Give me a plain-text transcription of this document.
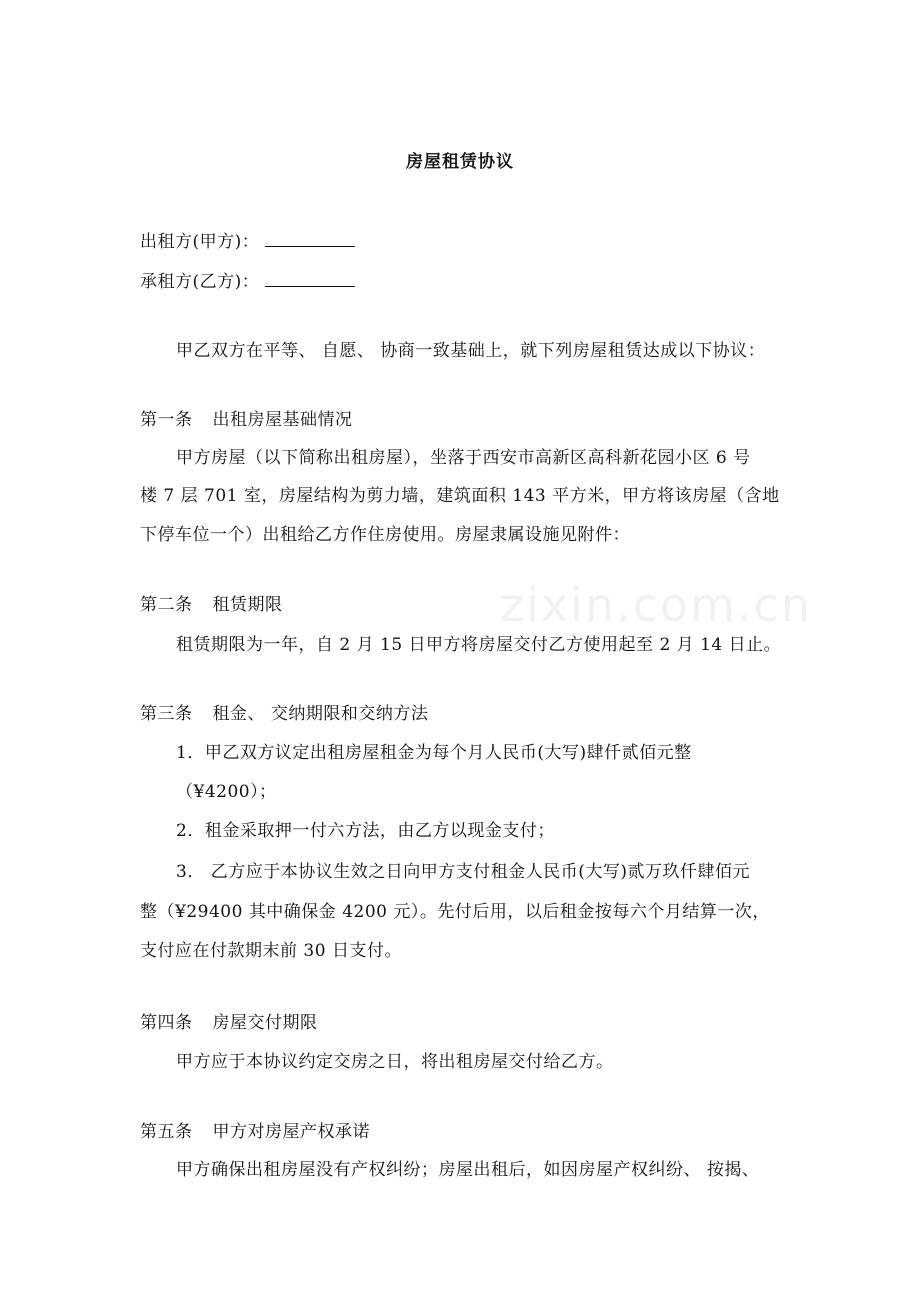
房屋租赁协议
出租方(甲方)：
承租方(乙方)：
甲乙双方在平等、 自愿、 协商一致基础上，就下列房屋租赁达成以下协议：
第一条 出租房屋基础情况
甲方房屋（以下简称出租房屋），坐落于西安市高新区高科新花园小区 6 号
楼 7 层 701 室，房屋结构为剪力墙，建筑面积 143 平方米，甲方将该房屋（含地
下停车位一个）出租给乙方作住房使用。房屋隶属设施见附件：
第二条 租赁期限
租赁期限为一年，自 2 月 15 日甲方将房屋交付乙方使用起至 2 月 14 日止。
第三条 租金、 交纳期限和交纳方法
1．甲乙双方议定出租房屋租金为每个月人民币(大写)肆仟贰佰元整
（¥4200）；
2．租金采取押一付六方法，由乙方以现金支付；
3． 乙方应于本协议生效之日向甲方支付租金人民币(大写)贰万玖仟肆佰元
整（¥29400 其中确保金 4200 元）。先付后用，以后租金按每六个月结算一次，
支付应在付款期末前 30 日支付。
第四条 房屋交付期限
甲方应于本协议约定交房之日，将出租房屋交付给乙方。
第五条 甲方对房屋产权承诺
甲方确保出租房屋没有产权纠纷；房屋出租后，如因房屋产权纠纷、 按揭、
zixin.com.cn
